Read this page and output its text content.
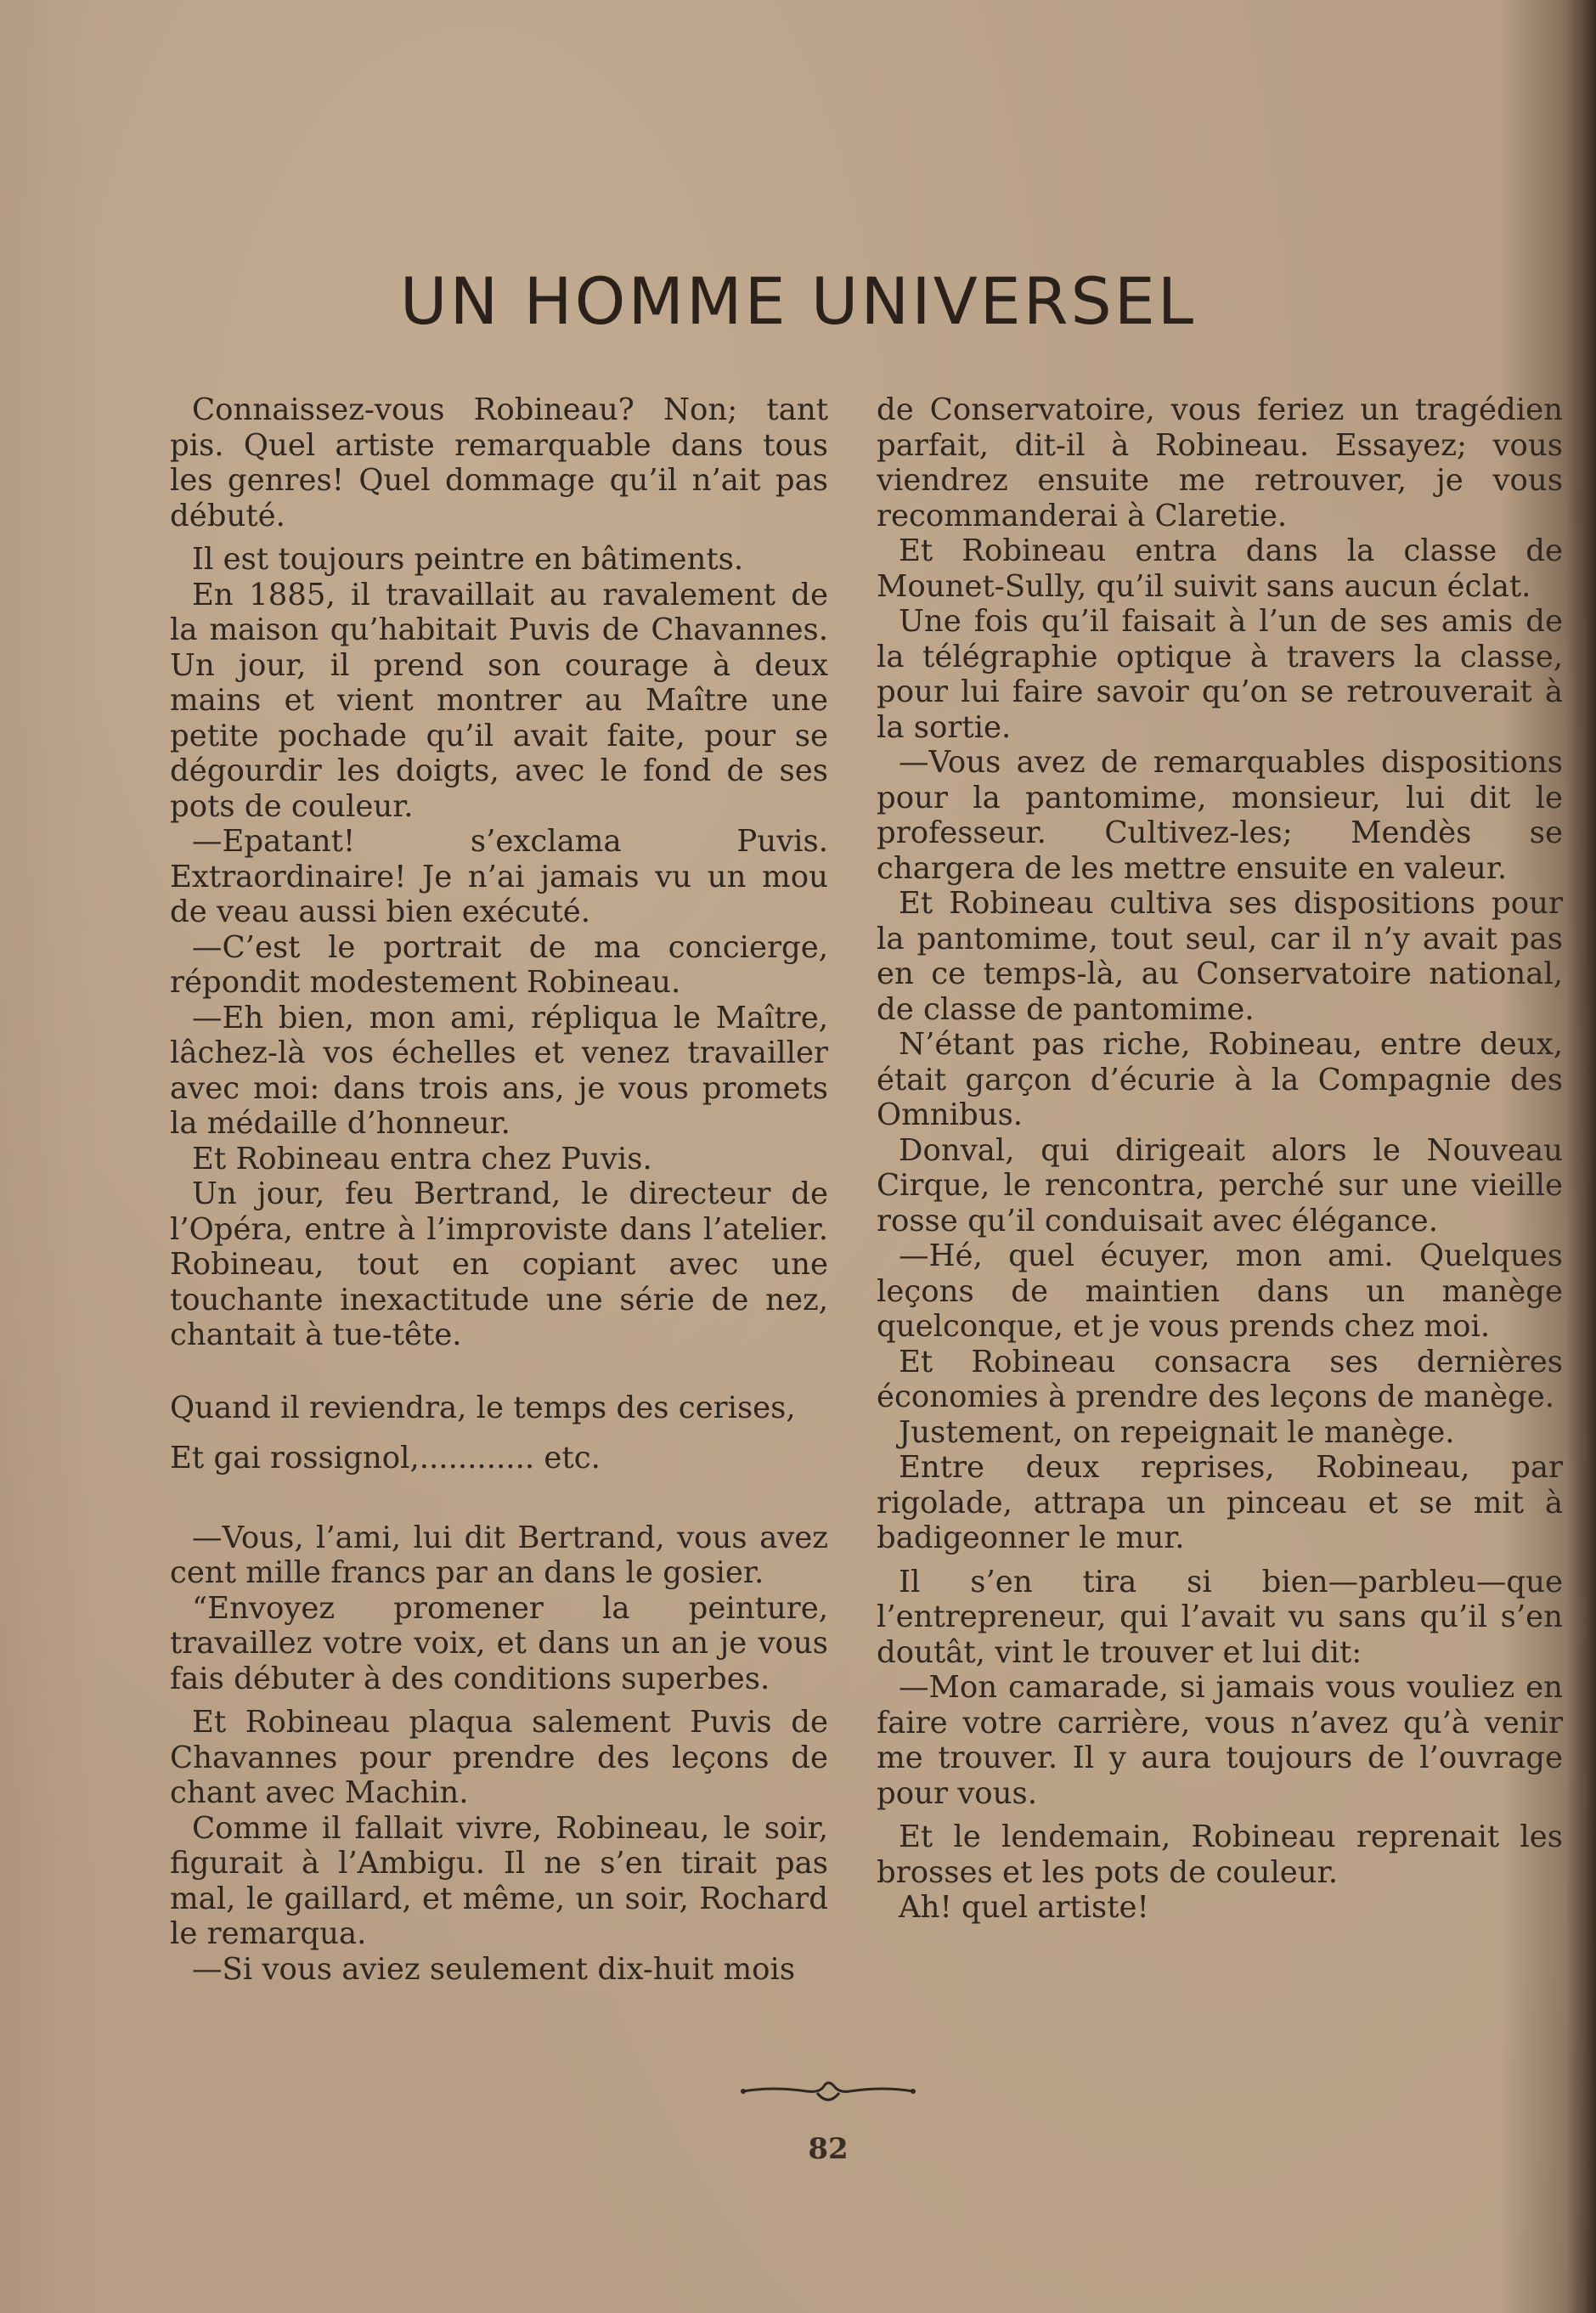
UN HOMME UNIVERSEL

Connaissez-vous Robineau? Non; tant pis. Quel artiste remarquable dans tous les genres! Quel dommage qu’il n’ait pas débuté.

Il est toujours peintre en bâtiments.

En 1885, il travaillait au ravalement de la maison qu’habitait Puvis de Chavannes. Un jour, il prend son courage à deux mains et vient montrer au Maître une petite pochade qu’il avait faite, pour se dégourdir les doigts, avec le fond de ses pots de couleur.

—Epatant! s’exclama Puvis. Extraordinaire! Je n’ai jamais vu un mou de veau aussi bien exécuté.

—C’est le portrait de ma concierge, répondit modestement Robineau.

—Eh bien, mon ami, répliqua le Maître, lâchez-là vos échelles et venez travailler avec moi: dans trois ans, je vous promets la médaille d’honneur.

Et Robineau entra chez Puvis.

Un jour, feu Bertrand, le directeur de l’Opéra, entre à l’improviste dans l’atelier. Robineau, tout en copiant avec une touchante inexactitude une série de nez, chantait à tue-tête.

Quand il reviendra, le temps des cerises,

Et gai rossignol,............ etc.

—Vous, l’ami, lui dit Bertrand, vous avez cent mille francs par an dans le gosier.

“Envoyez promener la peinture, travaillez votre voix, et dans un an je vous fais débuter à des conditions superbes.

Et Robineau plaqua salement Puvis de Chavannes pour prendre des leçons de chant avec Machin.

Comme il fallait vivre, Robineau, le soir, figurait à l’Ambigu. Il ne s’en tirait pas mal, le gaillard, et même, un soir, Rochard le remarqua.

—Si vous aviez seulement dix-huit mois

de Conservatoire, vous feriez un tragédien parfait, dit-il à Robineau. Essayez; vous viendrez ensuite me retrouver, je vous recommanderai à Claretie.

Et Robineau entra dans la classe de Mounet-Sully, qu’il suivit sans aucun éclat.

Une fois qu’il faisait à l’un de ses amis de la télégraphie optique à travers la classe, pour lui faire savoir qu’on se retrouverait à la sortie.

—Vous avez de remarquables dispositions pour la pantomime, monsieur, lui dit le professeur. Cultivez-les; Mendès se chargera de les mettre ensuite en valeur.

Et Robineau cultiva ses dispositions pour la pantomime, tout seul, car il n’y avait pas en ce temps-là, au Conservatoire national, de classe de pantomime.

N’étant pas riche, Robineau, entre deux, était garçon d’écurie à la Compagnie des Omnibus.

Donval, qui dirigeait alors le Nouveau Cirque, le rencontra, perché sur une vieille rosse qu’il conduisait avec élégance.

—Hé, quel écuyer, mon ami. Quelques leçons de maintien dans un manège quelconque, et je vous prends chez moi.

Et Robineau consacra ses dernières économies à prendre des leçons de manège.

Justement, on repeignait le manège.

Entre deux reprises, Robineau, par rigolade, attrapa un pinceau et se mit à badigeonner le mur.

Il s’en tira si bien—parbleu—que l’entrepreneur, qui l’avait vu sans qu’il s’en doutât, vint le trouver et lui dit:

—Mon camarade, si jamais vous vouliez en faire votre carrière, vous n’avez qu’à venir me trouver. Il y aura toujours de l’ouvrage pour vous.

Et le lendemain, Robineau reprenait les brosses et les pots de couleur.

Ah! quel artiste!

82
